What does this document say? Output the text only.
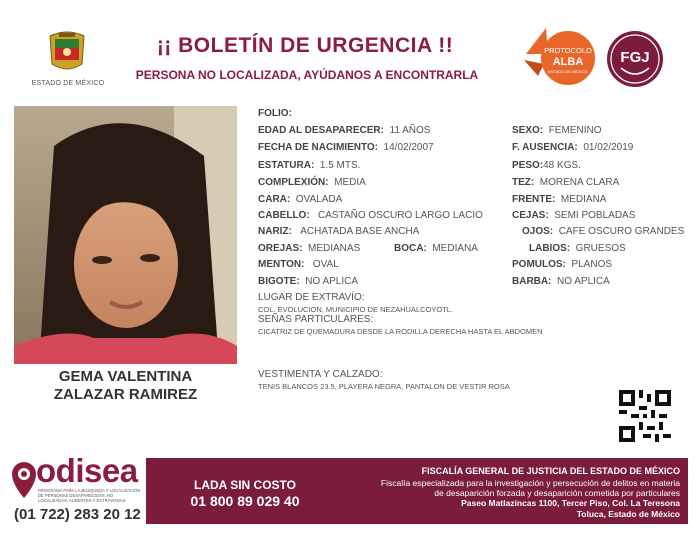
ESTADO DE MÉXICO
¡¡ BOLETÍN DE URGENCIA !!
PERSONA NO LOCALIZADA, AYÚDANOS A ENCONTRARLA
PROTOCOLO
ALBA
ESTADO DE MÉXICO
FGJ
GEMA VALENTINA
ZALAZAR RAMIREZ
FOLIO:
EDAD AL DESAPARECER: 11 AÑOS	SEXO: FEMENINO
FECHA DE NACIMIENTO: 14/02/2007	F. AUSENCIA: 01/02/2019
ESTATURA: 1.5 MTS.	PESO:48 KGS.
COMPLEXIÓN: MEDIA	TEZ: MORENA CLARA
CARA: OVALADA	FRENTE: MEDIANA
CABELLO: CASTAÑO OSCURO LARGO LACIO	CEJAS: SEMI POBLADAS
NARIZ: ACHATADA BASE ANCHA	OJOS: CAFE OSCURO GRANDES
OREJAS: MEDIANAS	BOCA: MEDIANA	LABIOS: GRUESOS
MENTON: OVAL	POMULOS: PLANOS
BIGOTE: NO APLICA	BARBA: NO APLICA
LUGAR DE EXTRAVÍO:
COL. EVOLUCION, MUNICIPIO DE NEZAHUALCOYOTL.
SEÑAS PARTICULARES:
CICATRIZ DE QUEMADURA DESDE LA RODILLA DERECHA HASTA EL ABDOMEN
VESTIMENTA Y CALZADO:
TENIS BLANCOS 23.5, PLAYERA NEGRA, PANTALON DE VESTIR ROSA
odisea
PROGRAMA PARA LA BÚSQUEDA Y LOCALIZACIÓN DE PERSONAS DESAPARECIDAS, NO LOCALIZADAS, AUSENTES Y EXTRAVIADAS
(01 722) 283 20 12
LADA SIN COSTO
01 800 89 029 40
FISCALÍA GENERAL DE JUSTICIA DEL ESTADO DE MÉXICO
Fiscalía especializada para la investigación y persecución de delitos en materia
de desaparición forzada y desaparición cometida por particulares
Paseo Matlazincas 1100, Tercer Piso, Col. La Teresona
Toluca, Estado de México
